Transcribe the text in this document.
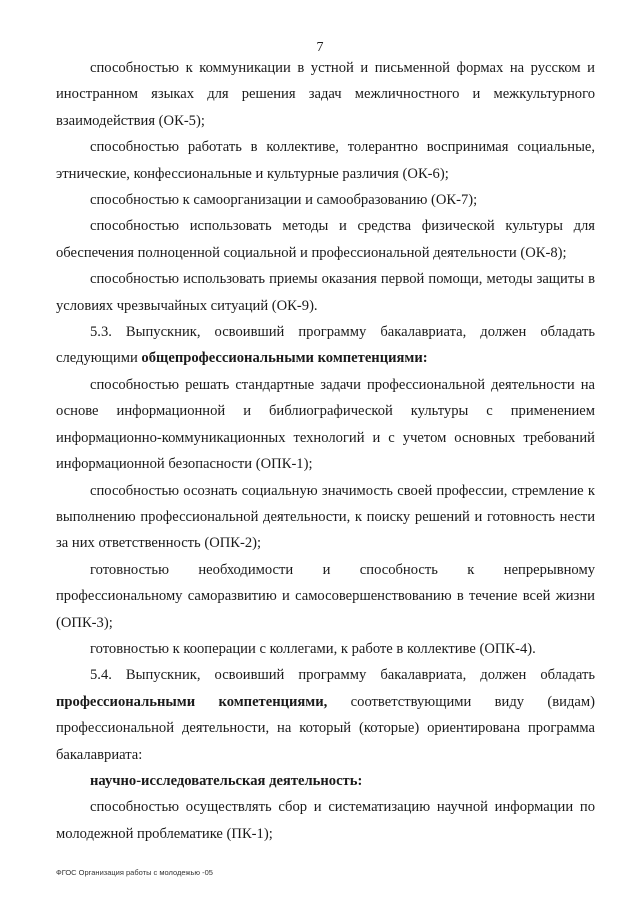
7

способностью к коммуникации в устной и письменной формах на русском и иностранном языках для решения задач межличностного и межкультурного взаимодействия (ОК-5);

способностью работать в коллективе, толерантно воспринимая социальные, этнические, конфессиональные и культурные различия (ОК-6);

способностью к самоорганизации и самообразованию (ОК-7);

способностью использовать методы и средства физической культуры для обеспечения полноценной социальной и профессиональной деятельности (ОК-8);

способностью использовать приемы оказания первой помощи, методы защиты в условиях чрезвычайных ситуаций (ОК-9).

5.3. Выпускник, освоивший программу бакалавриата, должен обладать следующими общепрофессиональными компетенциями:

способностью решать стандартные задачи профессиональной деятельности на основе информационной и библиографической культуры с применением информационно-коммуникационных технологий и с учетом основных требований информационной безопасности (ОПК-1);

способностью осознать социальную значимость своей профессии, стремление к выполнению профессиональной деятельности, к поиску решений и готовность нести за них ответственность (ОПК-2);

готовностью необходимости и способность к непрерывному профессиональному саморазвитию и самосовершенствованию в течение всей жизни (ОПК-3);

готовностью к кооперации с коллегами, к работе в коллективе (ОПК-4).

5.4. Выпускник, освоивший программу бакалавриата, должен обладать профессиональными компетенциями, соответствующими виду (видам) профессиональной деятельности, на который (которые) ориентирована программа бакалавриата:

научно-исследовательская деятельность:

способностью осуществлять сбор и систематизацию научной информации по молодежной проблематике (ПК-1);

ФГОС Организация работы с молодежью -05
